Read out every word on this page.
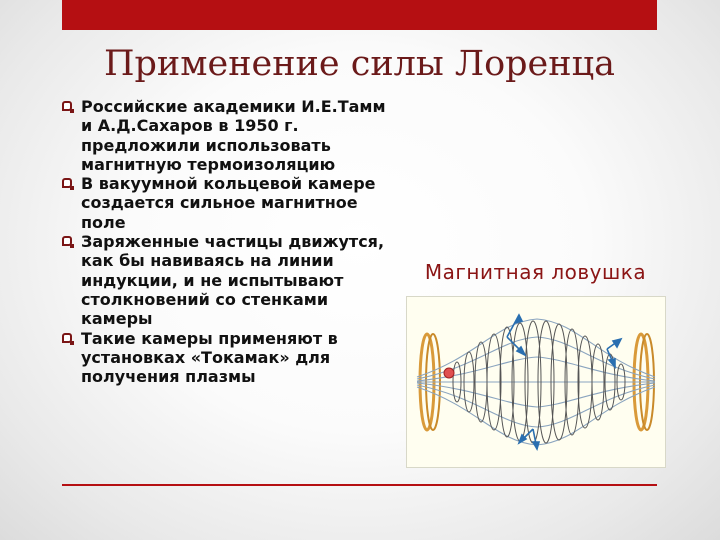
Применение силы Лоренца
Российские академики И.Е.Тамм и А.Д.Сахаров в 1950 г. предложили использовать магнитную термоизоляцию
В вакуумной кольцевой камере создается сильное магнитное поле
Заряженные частицы движутся, как бы навиваясь на линии индукции, и не испытывают столкновений со стенками камеры
Такие камеры применяют в установках «Токамак» для получения плазмы
Магнитная ловушка
